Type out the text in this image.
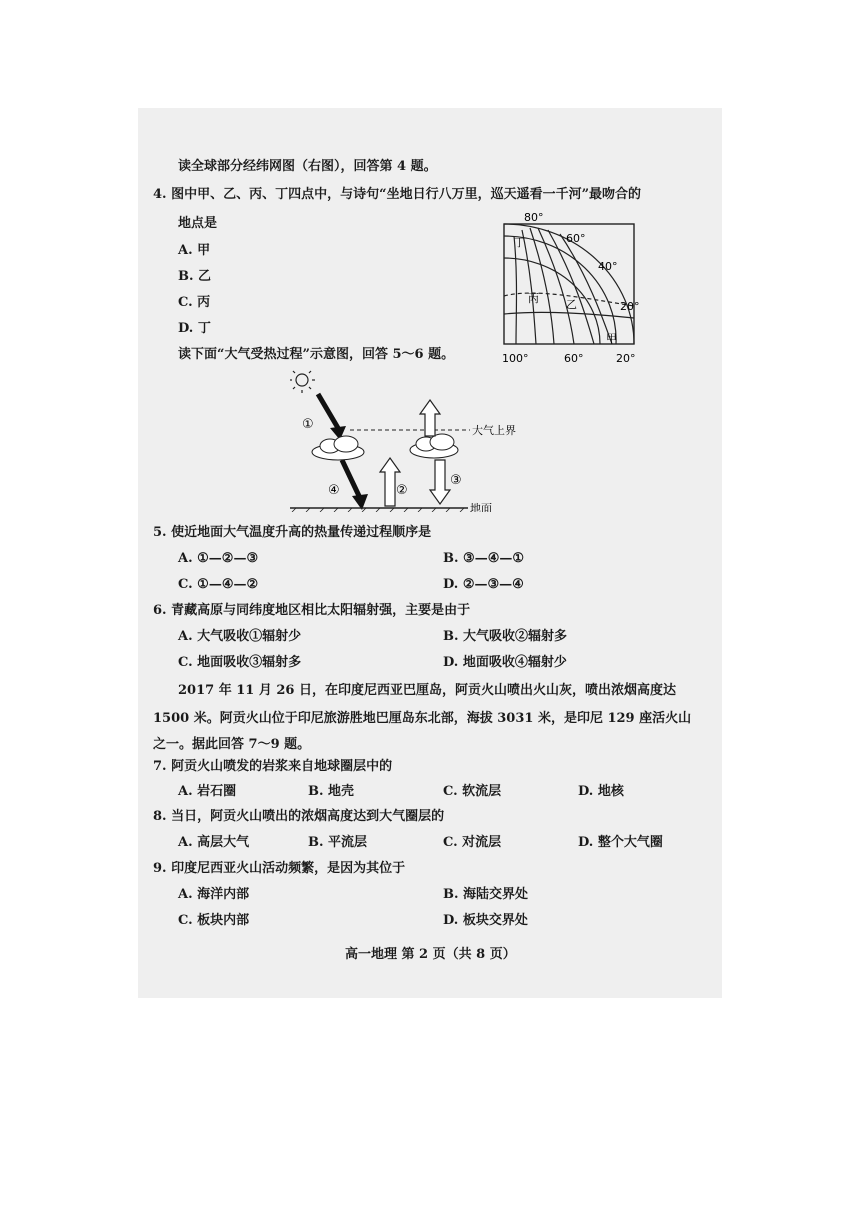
读全球部分经纬网图（右图），回答第 4 题。
4. 图中甲、乙、丙、丁四点中，与诗句“坐地日行八万里，巡天遥看一千河”最吻合的
地点是
A. 甲
B. 乙
C. 丙
D. 丁
80°
60°
40°
20°
100°	60°	20°
丁
丙 乙
甲
读下面“大气受热过程”示意图，回答 5～6 题。
大气上界
地面
①
②
③
④
5. 使近地面大气温度升高的热量传递过程顺序是
A. ①—②—③	B. ③—④—①
C. ①—④—②	D. ②—③—④
6. 青藏高原与同纬度地区相比太阳辐射强，主要是由于
A. 大气吸收①辐射少	B. 大气吸收②辐射多
C. 地面吸收③辐射多	D. 地面吸收④辐射少
2017 年 11 月 26 日，在印度尼西亚巴厘岛，阿贡火山喷出火山灰，喷出浓烟高度达
1500 米。阿贡火山位于印尼旅游胜地巴厘岛东北部，海拔 3031 米，是印尼 129 座活火山
之一。据此回答 7～9 题。
7. 阿贡火山喷发的岩浆来自地球圈层中的
A. 岩石圈	B. 地壳	C. 软流层	D. 地核
8. 当日，阿贡火山喷出的浓烟高度达到大气圈层的
A. 高层大气	B. 平流层	C. 对流层	D. 整个大气圈
9. 印度尼西亚火山活动频繁，是因为其位于
A. 海洋内部	B. 海陆交界处
C. 板块内部	D. 板块交界处
高一地理 第 2 页（共 8 页）
